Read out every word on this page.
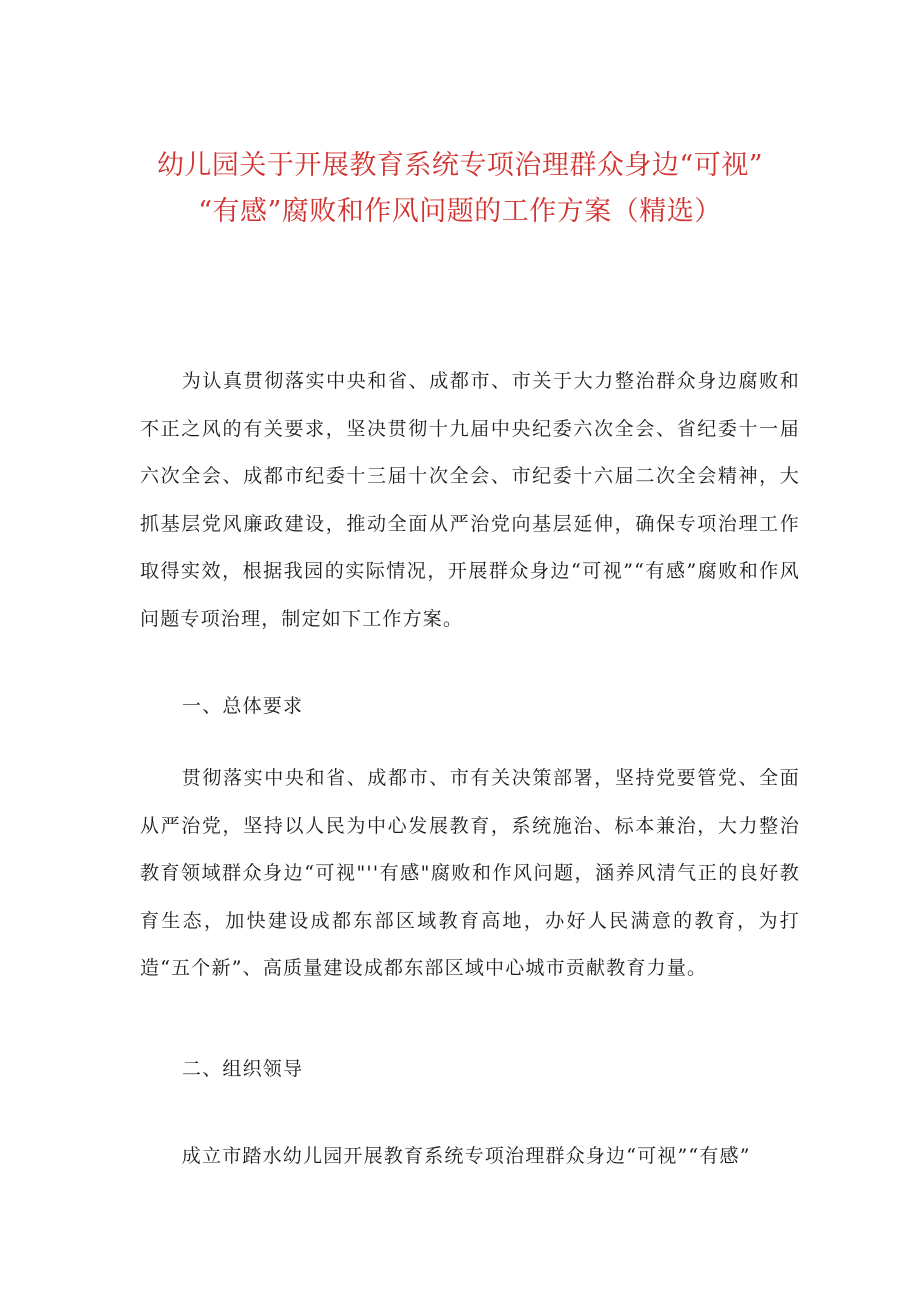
幼儿园关于开展教育系统专项治理群众身边“可视”
“有感”腐败和作风问题的工作方案（精选）

为认真贯彻落实中央和省、成都市、市关于大力整治群众身边腐败和不正之风的有关要求，坚决贯彻十九届中央纪委六次全会、省纪委十一届六次全会、成都市纪委十三届十次全会、市纪委十六届二次全会精神，大抓基层党风廉政建设，推动全面从严治党向基层延伸，确保专项治理工作取得实效，根据我园的实际情况，开展群众身边“可视”“有感”腐败和作风问题专项治理，制定如下工作方案。

一、总体要求

贯彻落实中央和省、成都市、市有关决策部署，坚持党要管党、全面从严治党，坚持以人民为中心发展教育，系统施治、标本兼治，大力整治教育领域群众身边“可视"''有感"腐败和作风问题，涵养风清气正的良好教育生态，加快建设成都东部区域教育高地，办好人民满意的教育，为打造“五个新”、高质量建设成都东部区域中心城市贡献教育力量。

二、组织领导

成立市踏水幼儿园开展教育系统专项治理群众身边“可视”“有感”
